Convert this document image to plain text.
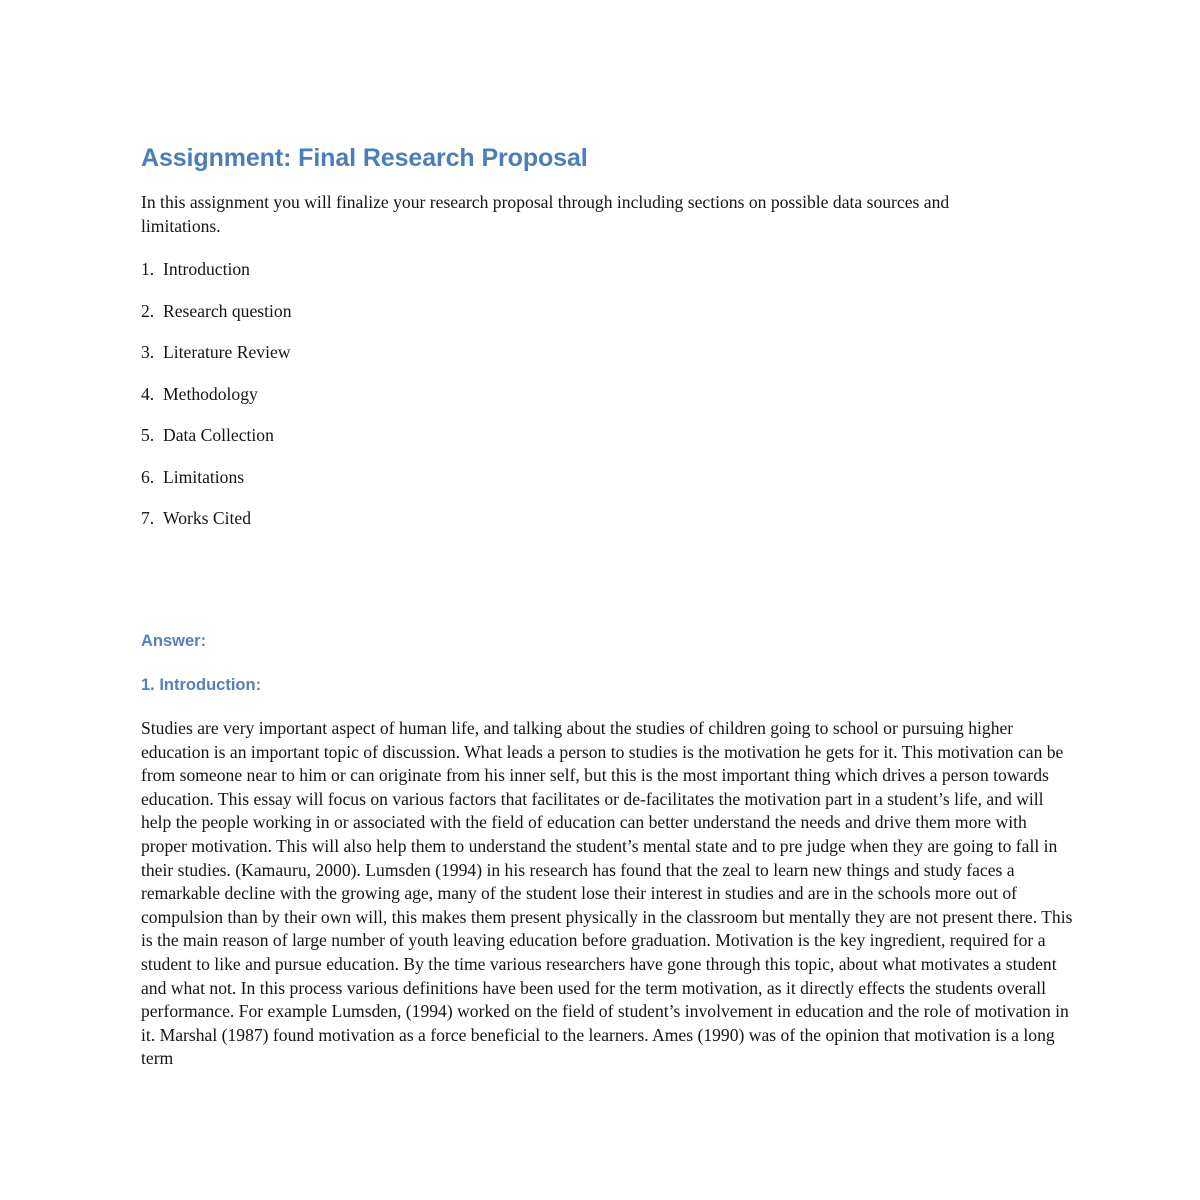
Assignment: Final Research Proposal

In this assignment you will finalize your research proposal through including sections on possible data sources and limitations.

1. Introduction
2. Research question
3. Literature Review
4. Methodology
5. Data Collection
6. Limitations
7. Works Cited
Answer:
1. Introduction:

Studies are very important aspect of human life, and talking about the studies of children going to school or pursuing higher education is an important topic of discussion. What leads a person to studies is the motivation he gets for it. This motivation can be from someone near to him or can originate from his inner self, but this is the most important thing which drives a person towards education. This essay will focus on various factors that facilitates or de-facilitates the motivation part in a student’s life, and will help the people working in or associated with the field of education can better understand the needs and drive them more with proper motivation. This will also help them to understand the student’s mental state and to pre judge when they are going to fall in their studies. (Kamauru, 2000). Lumsden (1994) in his research has found that the zeal to learn new things and study faces a remarkable decline with the growing age, many of the student lose their interest in studies and are in the schools more out of compulsion than by their own will, this makes them present physically in the classroom but mentally they are not present there. This is the main reason of large number of youth leaving education before graduation. Motivation is the key ingredient, required for a student to like and pursue education. By the time various researchers have gone through this topic, about what motivates a student and what not. In this process various definitions have been used for the term motivation, as it directly effects the students overall performance. For example Lumsden, (1994) worked on the field of student’s involvement in education and the role of motivation in it. Marshal (1987) found motivation as a force beneficial to the learners. Ames (1990) was of the opinion that motivation is a long term
